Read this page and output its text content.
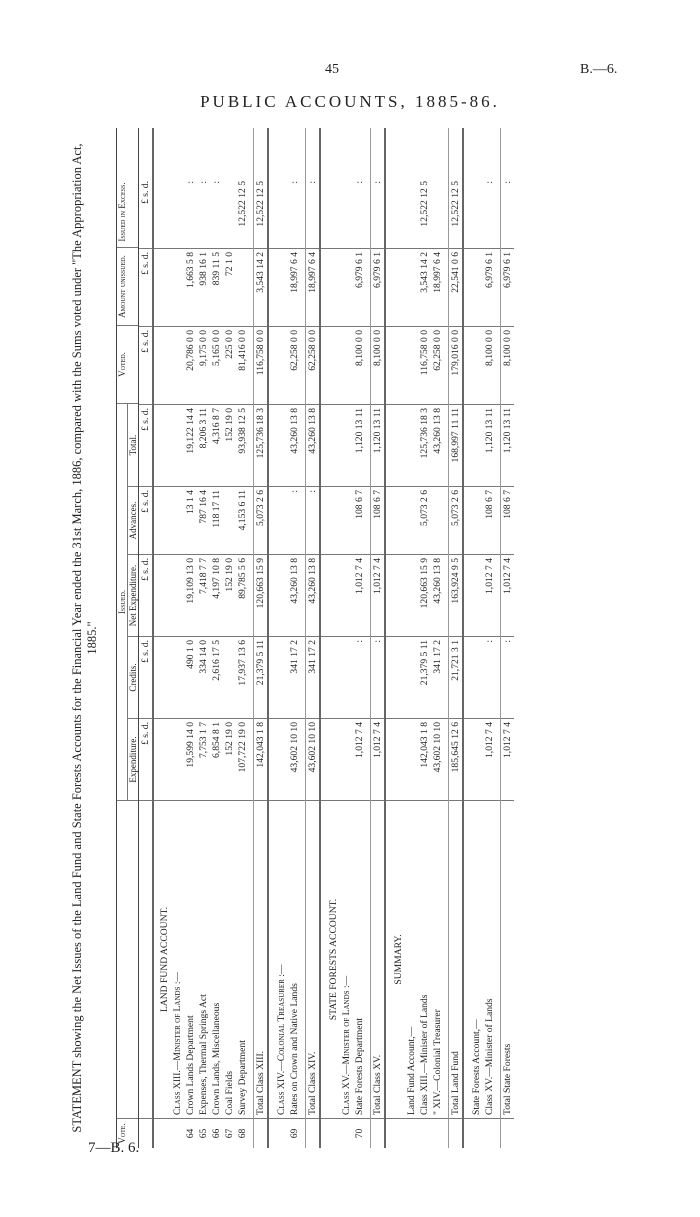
45	B.—6.
PUBLIC ACCOUNTS, 1885-86.
STATEMENT showing the Net Issues of the Land Fund and State Forests Accounts for the Financial Year ended the 31st March, 1886, compared with the Sums voted under "The Appropriation Act, 1885."
Vote.
Issued.
Expenditure.
Credits.
Net Expenditure.
Advances.
Total.
Voted.
Amount unissued.
Issued in Excess.
£ s. d.
£ s. d.
£ s. d.
£ s. d.
£ s. d.
£ s. d.
£ s. d.
£ s. d.
LAND FUND ACCOUNT.
Class XIII.—Minister of Lands :—
64
Crown Lands Department
19,599 14 0
490 1 0
19,109 13 0
13 1 4
19,122 14 4
20,786 0 0
1,663 5 8
:
65
Expenses, Thermal Springs Act
7,753 1 7
334 14 0
7,418 7 7
787 16 4
8,206 3 11
9,175 0 0
938 16 1
:
66
Crown Lands, Miscellaneous
6,854 8 1
2,616 17 5
4,197 10 8
118 17 11
4,316 8 7
5,165 0 0
839 11 5
:
67
Coal Fields
152 19 0
152 19 0
152 19 0
225 0 0
72 1 0
68
Survey Department
107,722 19 0
17,937 13 6
89,785 5 6
4,153 6 11
93,938 12 5
81,416 0 0
12,522 12 5
Total Class XIII.
142,043 1 8
21,379 5 11
120,663 15 9
5,073 2 6
125,736 18 3
116,758 0 0
3,543 14 2
12,522 12 5
Class XIV.—Colonial Treasurer :—
69
Rates on Crown and Native Lands
43,602 10 10
341 17 2
43,260 13 8
:
43,260 13 8
62,258 0 0
18,997 6 4
:
Total Class XIV.
43,602 10 10
341 17 2
43,260 13 8
:
43,260 13 8
62,258 0 0
18,997 6 4
:
STATE FORESTS ACCOUNT.
Class XV.—Minister of Lands :—
70
State Forests Department
1,012 7 4
:
1,012 7 4
108 6 7
1,120 13 11
8,100 0 0
6,979 6 1
:
Total Class XV.
1,012 7 4
:
1,012 7 4
108 6 7
1,120 13 11
8,100 0 0
6,979 6 1
:
SUMMARY.
Land Fund Account,— Class XIII.—Minister of Lands
142,043 1 8
21,379 5 11
120,663 15 9
5,073 2 6
125,736 18 3
116,758 0 0
3,543 14 2
12,522 12 5
" XIV.—Colonial Treasurer
43,602 10 10
341 17 2
43,260 13 8
43,260 13 8
62,258 0 0
18,997 6 4
Total Land Fund
185,645 12 6
21,721 3 1
163,924 9 5
5,073 2 6
168,997 11 11
179,016 0 0
22,541 0 6
12,522 12 5
State Forests Account,— Class XV.—Minister of Lands
1,012 7 4
:
1,012 7 4
108 6 7
1,120 13 11
8,100 0 0
6,979 6 1
:
Total State Forests
1,012 7 4
:
1,012 7 4
108 6 7
1,120 13 11
8,100 0 0
6,979 6 1
:
7—B. 6.
